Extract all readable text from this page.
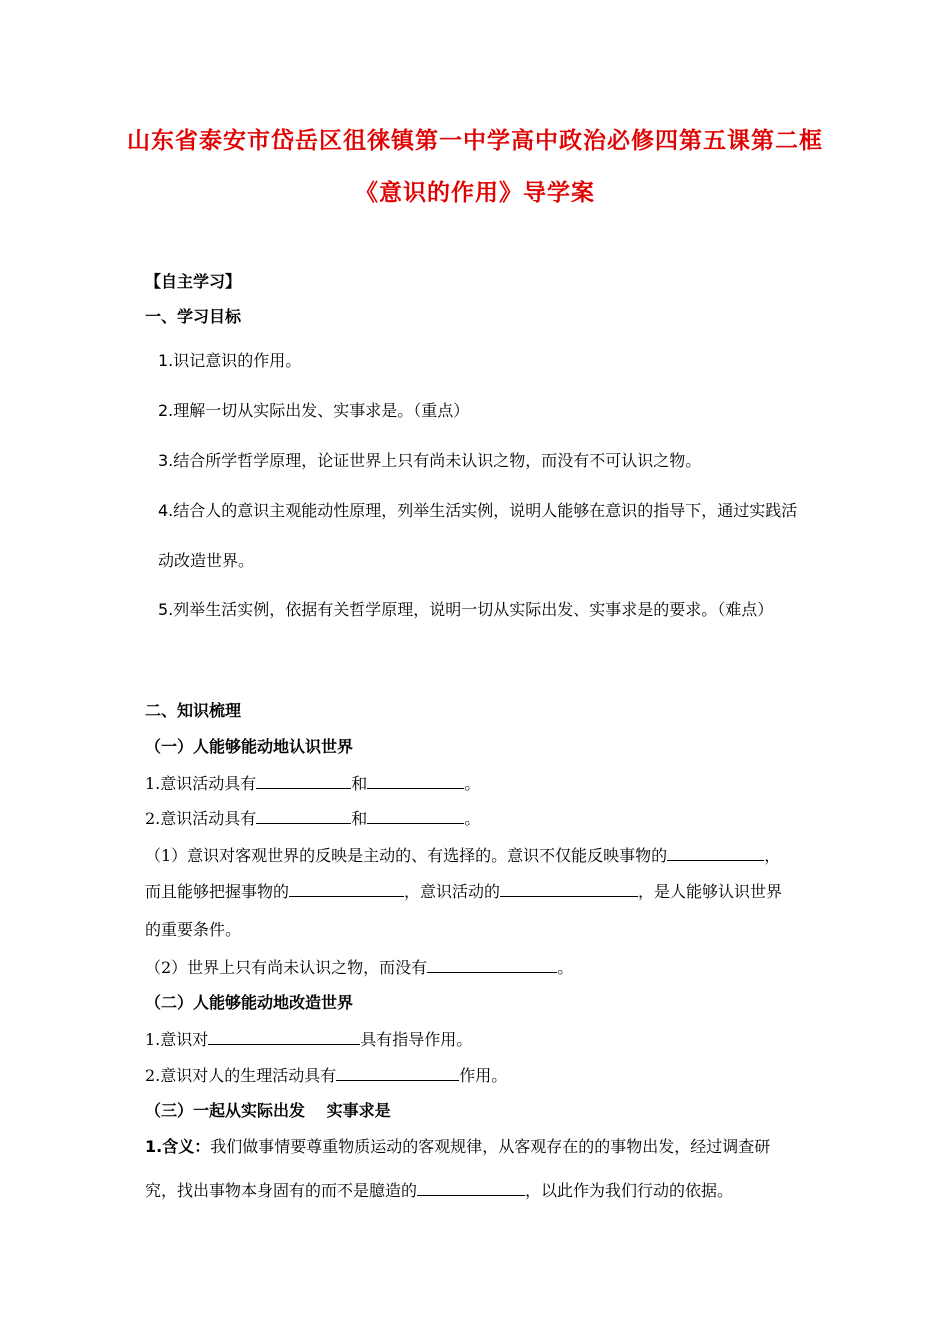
山东省泰安市岱岳区徂徕镇第一中学高中政治必修四第五课第二框
《意识的作用》导学案
【自主学习】
一、学习目标
1.识记意识的作用。
2.理解一切从实际出发、实事求是。（重点）
3.结合所学哲学原理，论证世界上只有尚未认识之物，而没有不可认识之物。
4.结合人的意识主观能动性原理，列举生活实例，说明人能够在意识的指导下，通过实践活
动改造世界。
5.列举生活实例，依据有关哲学原理，说明一切从实际出发、实事求是的要求。（难点）
二、知识梳理
（一）人能够能动地认识世界
1.意识活动具有	和	。
2.意识活动具有	和	。
（1）意识对客观世界的反映是主动的、有选择的。意识不仅能反映事物的	，
而且能够把握事物的	，意识活动的	，是人能够认识世界
的重要条件。
（2）世界上只有尚未认识之物，而没有	。
（二）人能够能动地改造世界
1.意识对	具有指导作用。
2.意识对人的生理活动具有	作用。
（三）一起从实际出发　 实事求是
1.含义：我们做事情要尊重物质运动的客观规律，从客观存在的的事物出发，经过调查研
究，找出事物本身固有的而不是臆造的	，以此作为我们行动的依据。
